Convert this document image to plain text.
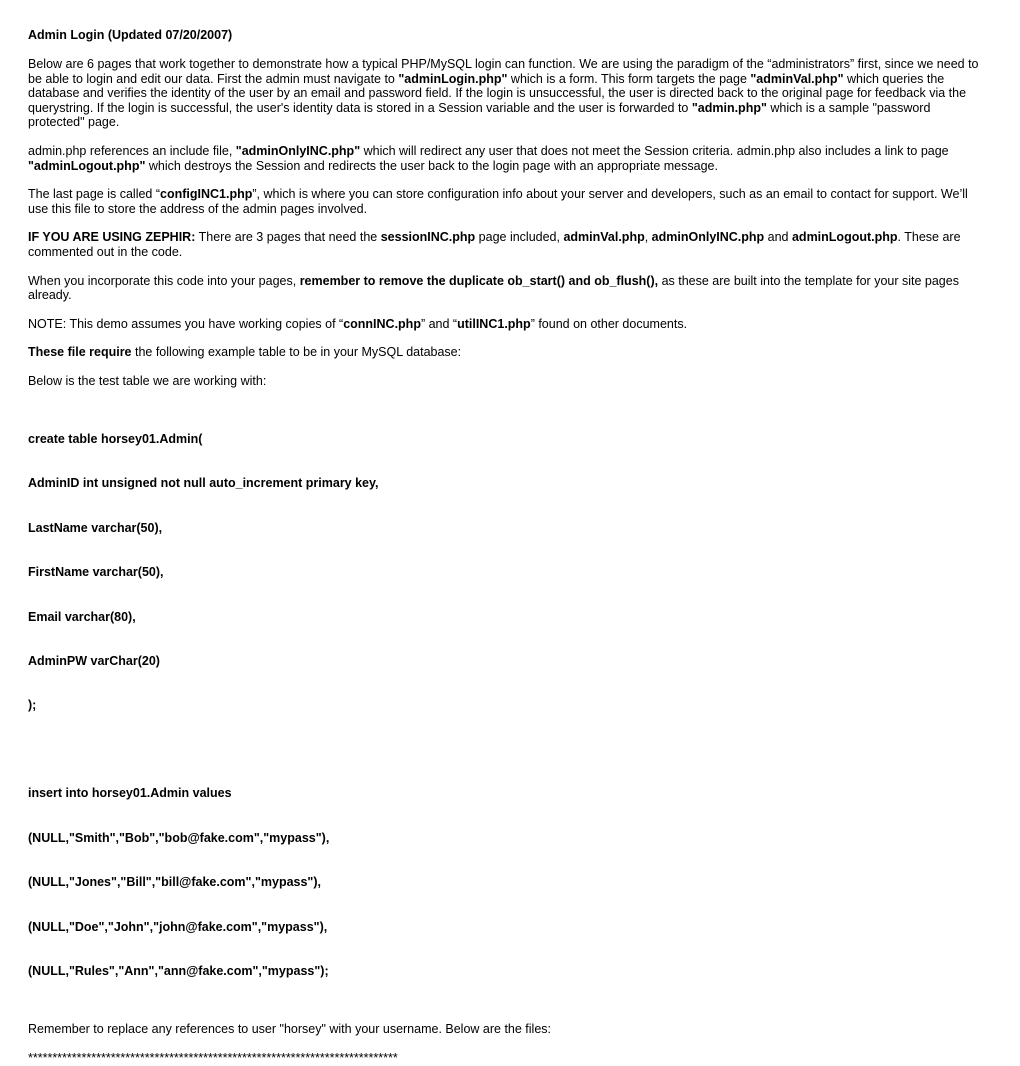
Admin Login (Updated 07/20/2007)

Below are 6 pages that work together to demonstrate how a typical PHP/MySQL login can function. We are using the paradigm of the “administrators” first, since we need to be able to login and edit our data. First the admin must navigate to "adminLogin.php" which is a form. This form targets the page "adminVal.php" which queries the database and verifies the identity of the user by an email and password field. If the login is unsuccessful, the user is directed back to the original page for feedback via the querystring. If the login is successful, the user's identity data is stored in a Session variable and the user is forwarded to "admin.php" which is a sample "password protected" page.

admin.php references an include file, "adminOnlyINC.php" which will redirect any user that does not meet the Session criteria. admin.php also includes a link to page "adminLogout.php" which destroys the Session and redirects the user back to the login page with an appropriate message.

The last page is called “configINC1.php”, which is where you can store configuration info about your server and developers, such as an email to contact for support. We’ll use this file to store the address of the admin pages involved.

IF YOU ARE USING ZEPHIR: There are 3 pages that need the sessionINC.php page included, adminVal.php, adminOnlyINC.php and adminLogout.php. These are commented out in the code.

When you incorporate this code into your pages, remember to remove the duplicate ob_start() and ob_flush(), as these are built into the template for your site pages already.

NOTE: This demo assumes you have working copies of “connINC.php” and “utilINC1.php” found on other documents.

These file require the following example table to be in your MySQL database:

Below is the test table we are working with:

create table horsey01.Admin(

AdminID int unsigned not null auto_increment primary key,

LastName varchar(50),

FirstName varchar(50),

Email varchar(80),

AdminPW varChar(20)

);

insert into horsey01.Admin values

(NULL,"Smith","Bob","bob@fake.com","mypass"),

(NULL,"Jones","Bill","bill@fake.com","mypass"),

(NULL,"Doe","John","john@fake.com","mypass"),

(NULL,"Rules","Ann","ann@fake.com","mypass");

Remember to replace any references to user "horsey" with your username. Below are the files:

****************************************************************************
